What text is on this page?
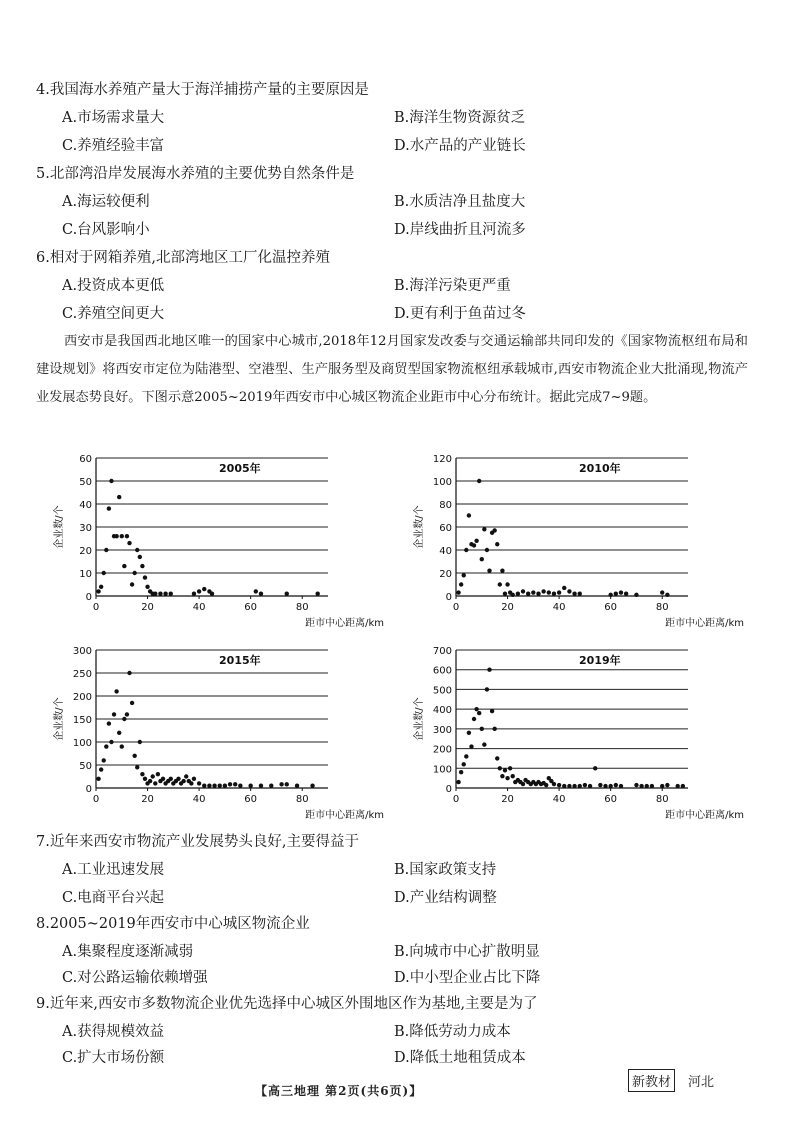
4.我国海水养殖产量大于海洋捕捞产量的主要原因是
A.市场需求量大	B.海洋生物资源贫乏
C.养殖经验丰富	D.水产品的产业链长
5.北部湾沿岸发展海水养殖的主要优势自然条件是
A.海运较便利	B.水质洁净且盐度大
C.台风影响小	D.岸线曲折且河流多
6.相对于网箱养殖,北部湾地区工厂化温控养殖
A.投资成本更低	B.海洋污染更严重
C.养殖空间更大	D.更有利于鱼苗过冬
西安市是我国西北地区唯一的国家中心城市,2018年12月国家发改委与交通运输部共同印发的《国家物流枢纽布局和建设规划》将西安市定位为陆港型、空港型、生产服务型及商贸型国家物流枢纽承载城市,西安市物流企业大批涌现,物流产业发展态势良好。下图示意2005~2019年西安市中心城区物流企业距市中心分布统计。据此完成7~9题。
0
10
20
30
40
50
60
0	20	40	60	80
2005年
距市中心距离/km
企业数/个
0
20
40
60
80
100
120
0	20	40	60	80
2010年
距市中心距离/km
企业数/个
0
50
100
150
200
250
300
0	20	40	60	80
2015年
距市中心距离/km
企业数/个
0
100
200
300
400
500
600
700
0	20	40	60	80
2019年
距市中心距离/km
企业数/个
7.近年来西安市物流产业发展势头良好,主要得益于
A.工业迅速发展	B.国家政策支持
C.电商平台兴起	D.产业结构调整
8.2005~2019年西安市中心城区物流企业
A.集聚程度逐渐减弱	B.向城市中心扩散明显
C.对公路运输依赖增强	D.中小型企业占比下降
9.近年来,西安市多数物流企业优先选择中心城区外围地区作为基地,主要是为了
A.获得规模效益	B.降低劳动力成本
C.扩大市场份额	D.降低土地租赁成本
【高三地理 第2页(共6页)】
新教材	河北
